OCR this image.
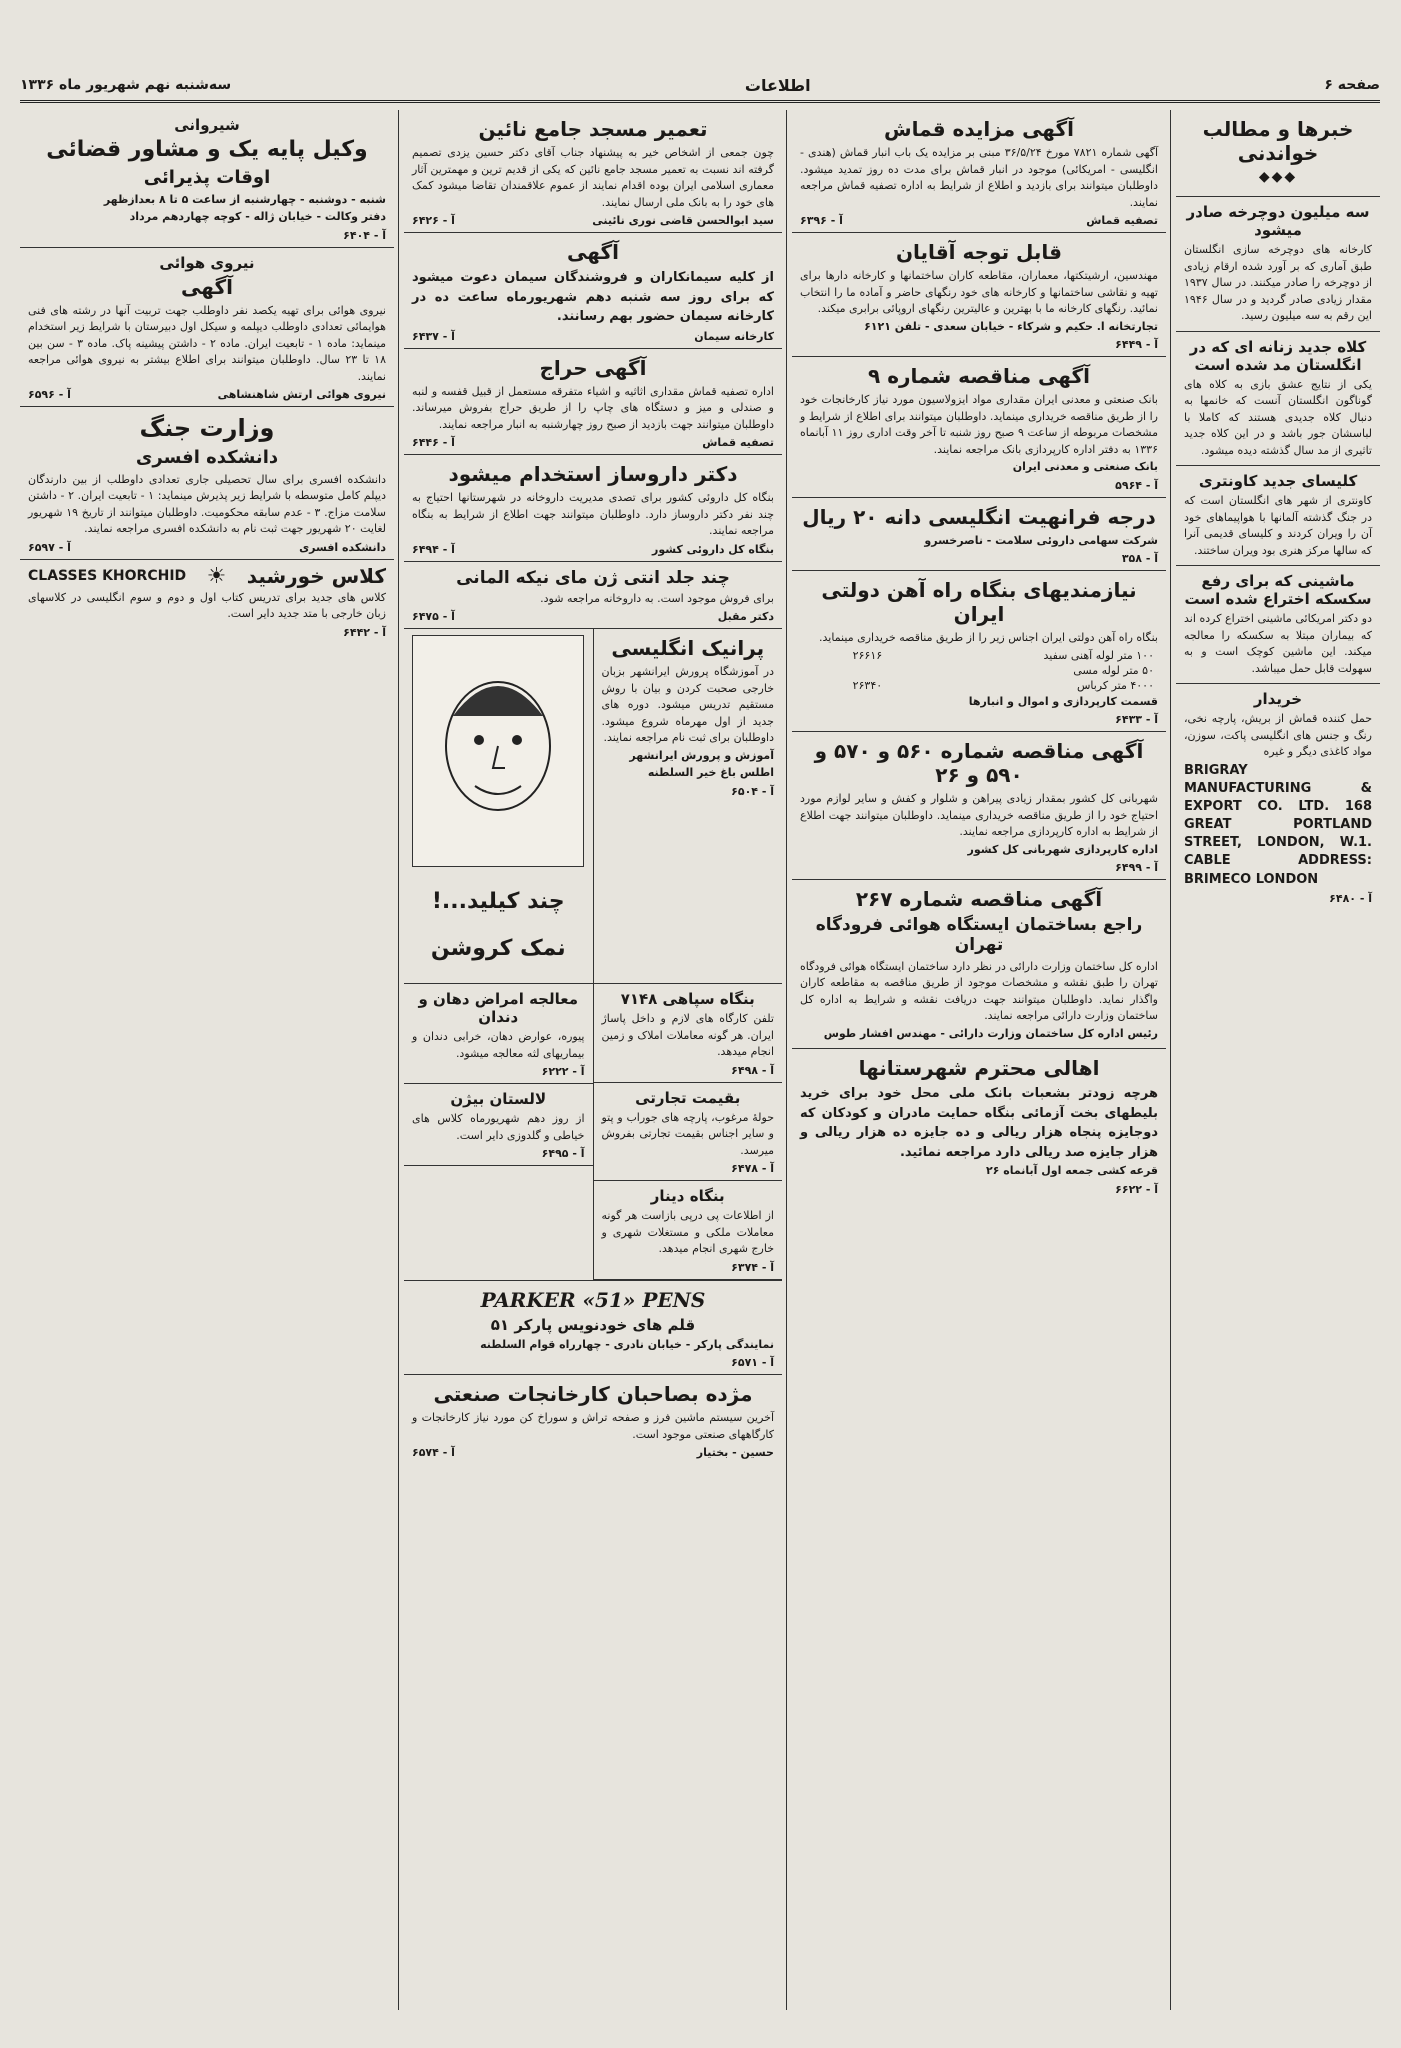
صفحه ۶
اطلاعات
سه‌شنبه نهم شهریور ماه ۱۳۳۶
خبرها و مطالب خواندنی
◆◆◆
سه میلیون دوچرخه صادر میشود

کارخانه های دوچرخه سازی انگلستان طبق آماری که بر آورد شده ارقام زیادی از دوچرخه را صادر میکنند. در سال ۱۹۳۷ مقدار زیادی صادر گردید و در سال ۱۹۴۶ این رقم به سه میلیون رسید.

کلاه جدید زنانه ای که در انگلستان مد شده است

یکی از نتایج عشق بازی به کلاه های گوناگون انگلستان آنست که خانمها به دنبال کلاه جدیدی هستند که کاملا با لباسشان جور باشد و در این کلاه جدید تاثیری از مد سال گذشته دیده میشود.

کلیسای جدید کاونتری

کاونتری از شهر های انگلستان است که در جنگ گذشته آلمانها با هواپیماهای خود آن را ویران کردند و کلیسای قدیمی آنرا که سالها مرکز هنری بود ویران ساختند.

ماشینی که برای رفع سکسکه اختراع شده است

دو دکتر امریکائی ماشینی اختراع کرده اند که بیماران مبتلا به سکسکه را معالجه میکند. این ماشین کوچک است و به سهولت قابل حمل میباشد.

خریدار

حمل کننده قماش از بریش، پارچه نخی، رنگ و جنس های انگلیسی پاکت، سوزن، مواد کاغذی دیگر و غیره

BRIGRAY MANUFACTURING & EXPORT CO. LTD. 168 GREAT PORTLAND STREET, LONDON, W.1. CABLE ADDRESS: BRIMECO LONDON

آ - ۶۴۸۰
آگهی مزایده قماش

آگهی شماره ۷۸۲۱ مورخ ۳۶/۵/۲۴ مبنی بر مزایده یک باب انبار قماش (هندی - انگلیسی - امریکائی) موجود در انبار قماش برای مدت ده روز تمدید میشود. داوطلبان میتوانند برای بازدید و اطلاع از شرایط به اداره تصفیه قماش مراجعه نمایند.

تصفیه قماش
آ - ۶۳۹۶
قابل توجه آقایان

مهندسین، ارشیتکتها، معماران، مقاطعه کاران ساختمانها و کارخانه دارها برای تهیه و نقاشی ساختمانها و کارخانه های خود رنگهای حاضر و آماده ما را انتخاب نمائید. رنگهای کارخانه ما با بهترین و عالیترین رنگهای اروپائی برابری میکند.

تجارتخانه ا. حکیم و شرکاء - خیابان سعدی - تلفن ۶۱۲۱

آ - ۶۴۴۹
آگهی مناقصه شماره ۹

بانک صنعتی و معدنی ایران مقداری مواد ایزولاسیون مورد نیاز کارخانجات خود را از طریق مناقصه خریداری مینماید. داوطلبان میتوانند برای اطلاع از شرایط و مشخصات مربوطه از ساعت ۹ صبح روز شنبه تا آخر وقت اداری روز ۱۱ آبانماه ۱۳۳۶ به دفتر اداره کارپردازی بانک مراجعه نمایند.

بانک صنعتی و معدنی ایران

آ - ۵۹۶۴
درجه فرانهیت انگلیسی دانه ۲۰ ریال

شرکت سهامی داروئی سلامت - ناصرخسرو

آ - ۳۵۸
نیازمندیهای بنگاه راه آهن دولتی ایران

بنگاه راه آهن دولتی ایران اجناس زیر را از طریق مناقصه خریداری مینماید.

۱۰۰ متر لوله آهنی سفید	۲۶۶۱۶
۵۰ متر لوله مسی	
۴۰۰۰ متر کرباس	۲۶۳۴۰

قسمت کارپردازی و اموال و انبارها

آ - ۶۴۳۳
آگهی مناقصه شماره ۵۶۰ و ۵۷۰ و ۵۹۰ و ۲۶

شهربانی کل کشور بمقدار زیادی پیراهن و شلوار و کفش و سایر لوازم مورد احتیاج خود را از طریق مناقصه خریداری مینماید. داوطلبان میتوانند جهت اطلاع از شرایط به اداره کارپردازی مراجعه نمایند.

اداره کارپردازی شهربانی کل کشور

آ - ۶۴۹۹
آگهی مناقصه شماره ۲۶۷
راجع بساختمان ایستگاه هوائی فرودگاه تهران

اداره کل ساختمان وزارت دارائی در نظر دارد ساختمان ایستگاه هوائی فرودگاه تهران را طبق نقشه و مشخصات موجود از طریق مناقصه به مقاطعه کاران واگذار نماید. داوطلبان میتوانند جهت دریافت نقشه و شرایط به اداره کل ساختمان وزارت دارائی مراجعه نمایند.

رئیس اداره کل ساختمان وزارت دارائی - مهندس افشار طوس

اهالی محترم شهرستانها

هرچه زودتر بشعبات بانک ملی محل خود برای خرید بلیطهای بخت آزمائی بنگاه حمایت مادران و کودکان که دوجایزه پنجاه هزار ریالی و ده جایزه ده هزار ریالی و هزار جایزه صد ریالی دارد مراجعه نمائید.

قرعه کشی جمعه اول آبانماه ۲۶

آ - ۶۶۲۲
تعمیر مسجد جامع نائین

چون جمعی از اشخاص خیر به پیشنهاد جناب آقای دکتر حسین یزدی تصمیم گرفته اند نسبت به تعمیر مسجد جامع نائین که یکی از قدیم ترین و مهمترین آثار معماری اسلامی ایران بوده اقدام نمایند از عموم علاقمندان تقاضا میشود کمک های خود را به بانک ملی ارسال نمایند.

سید ابوالحسن قاضی نوری نائینی
آ - ۶۴۲۶
آگهی

از کلیه سیمانکاران و فروشندگان سیمان دعوت میشود که برای روز سه شنبه دهم شهریورماه ساعت ده در کارخانه سیمان حضور بهم رسانند.

کارخانه سیمان
آ - ۶۴۳۷
آگهی حراج

اداره تصفیه قماش مقداری اثاثیه و اشیاء متفرقه مستعمل از قبیل قفسه و لنبه و صندلی و میز و دستگاه های چاپ را از طریق حراج بفروش میرساند. داوطلبان میتوانند جهت بازدید از صبح روز چهارشنبه به انبار مراجعه نمایند.

تصفیه قماش
آ - ۶۴۴۶
دکتر داروساز استخدام میشود

بنگاه کل داروئی کشور برای تصدی مدیریت داروخانه در شهرستانها احتیاج به چند نفر دکتر داروساز دارد. داوطلبان میتوانند جهت اطلاع از شرایط به بنگاه مراجعه نمایند.

بنگاه کل داروئی کشور
آ - ۶۴۹۴
چند جلد انتی ژن مای نیکه المانی

برای فروش موجود است. به داروخانه مراجعه شود.

دکتر مقبل
آ - ۶۴۷۵
پرانیک انگلیسی

در آموزشگاه پرورش ایرانشهر بزبان خارجی صحبت کردن و بیان با روش مستقیم تدریس میشود. دوره های جدید از اول مهرماه شروع میشود. داوطلبان برای ثبت نام مراجعه نمایند.

آموزش و پرورش ایرانشهر

اطلس باغ خیر السلطنه

آ - ۶۵۰۴

چند کیلید...!

نمک کروشن

بنگاه سپاهی ۷۱۴۸

تلفن کارگاه های لازم و داخل پاساژ ایران. هر گونه معاملات املاک و زمین انجام میدهد.

آ - ۶۴۹۸
بقیمت تجارتی

حولهٔ مرغوب، پارچه های جوراب و پتو و سایر اجناس بقیمت تجارتی بفروش میرسد.

آ - ۶۴۷۸
بنگاه دینار

از اطلاعات پی درپی بازاست هر گونه معاملات ملکی و مستغلات شهری و خارج شهری انجام میدهد.

آ - ۶۳۷۴
معالجه امراض دهان و دندان

پیوره، عوارض دهان، خرابی دندان و بیماریهای لثه معالجه میشود.

آ - ۶۲۲۲
لالستان بیژن

از روز دهم شهریورماه کلاس های خیاطی و گلدوزی دایر است.

آ - ۶۴۹۵
PARKER «51» PENS
قلم های خودنویس پارکر ۵۱

نمایندگی پارکر - خیابان نادری - چهارراه قوام السلطنه

آ - ۶۵۷۱
مژده بصاحبان کارخانجات صنعتی

آخرین سیستم ماشین فرز و صفحه تراش و سوراخ کن مورد نیاز کارخانجات و کارگاههای صنعتی موجود است.

حسین - بختیار
آ - ۶۵۷۴
شیروانی
وکیل پایه یک و مشاور قضائی
اوقات پذیرائی

شنبه - دوشنبه - چهارشنبه از ساعت ۵ تا ۸ بعدازظهر

دفتر وکالت - خیابان ژاله - کوچه چهاردهم مرداد

آ - ۶۴۰۴
نیروی هوائی
آگهی

نیروی هوائی برای تهیه یکصد نفر داوطلب جهت تربیت آنها در رشته های فنی هوایمائی تعدادی داوطلب دیپلمه و سیکل اول دبیرستان با شرایط زیر استخدام مینماید: ماده ۱ - تابعیت ایران. ماده ۲ - داشتن پیشینه پاک. ماده ۳ - سن بین ۱۸ تا ۲۳ سال. داوطلبان میتوانند برای اطلاع بیشتر به نیروی هوائی مراجعه نمایند.

نیروی هوائی ارتش شاهنشاهی
آ - ۶۵۹۶
وزارت جنگ
دانشکده افسری

دانشکده افسری برای سال تحصیلی جاری تعدادی داوطلب از بین دارندگان دیپلم کامل متوسطه با شرایط زیر پذیرش مینماید: ۱ - تابعیت ایران. ۲ - داشتن سلامت مزاج. ۳ - عدم سابقه محکومیت. داوطلبان میتوانند از تاریخ ۱۹ شهریور لغایت ۲۰ شهریور جهت ثبت نام به دانشکده افسری مراجعه نمایند.

دانشکده افسری
آ - ۶۵۹۷
کلاس خورشید
☀
CLASSES KHORCHID

کلاس های جدید برای تدریس کتاب اول و دوم و سوم انگلیسی در کلاسهای زبان خارجی با متد جدید دایر است.

آ - ۶۴۴۲
